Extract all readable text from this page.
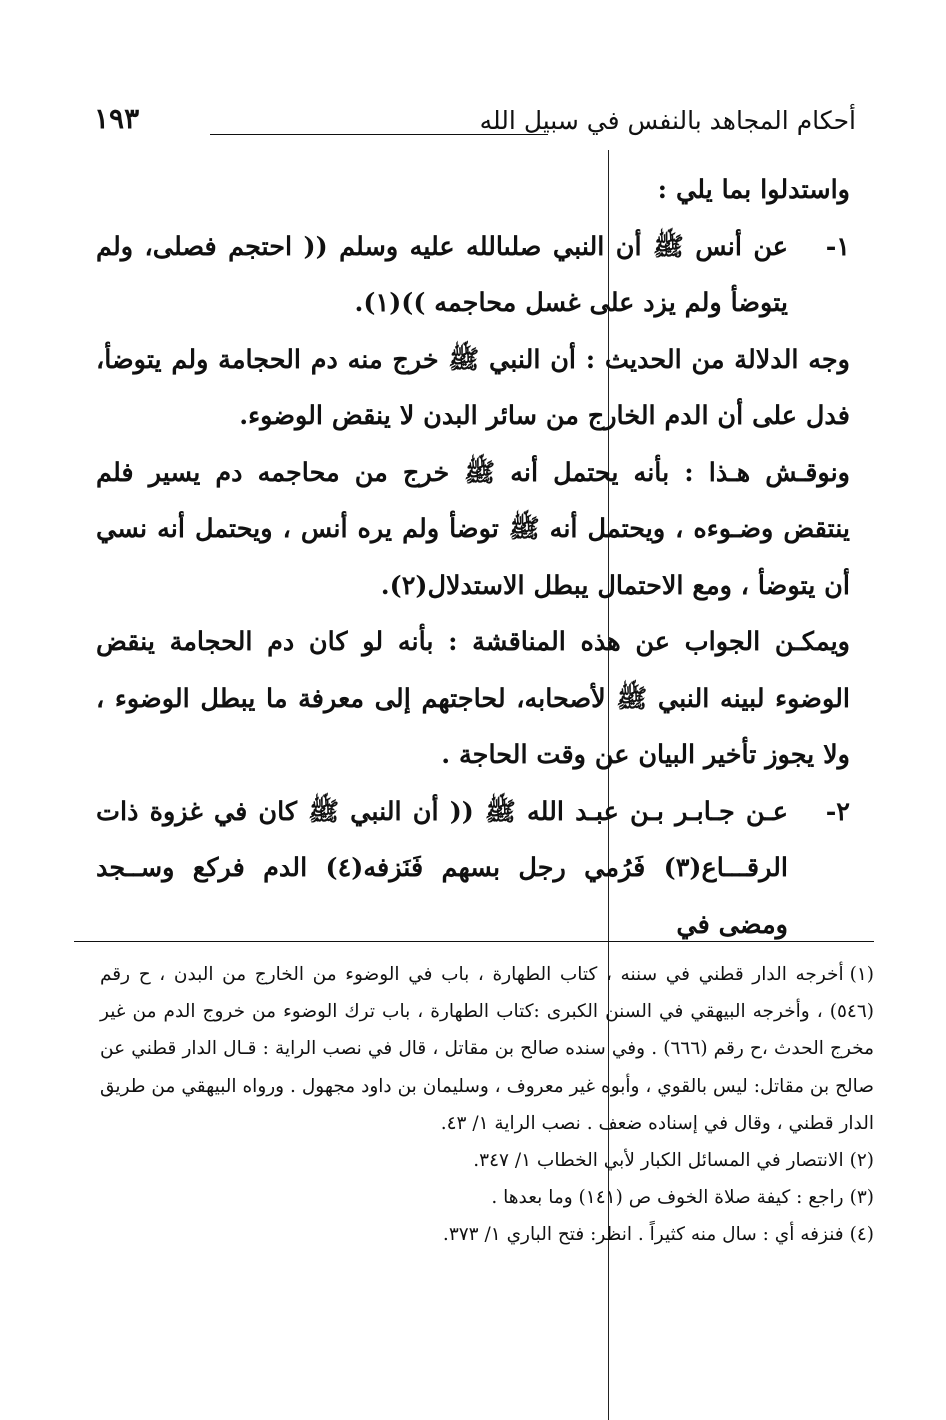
أحكام المجاهد بالنفس في سبيل الله
١٩٣

واستدلوا بما يلي :

١-

عن أنس ﷺ أن النبي صلىالله عليه وسلم (( احتجم فصلى، ولم يتوضأ ولم يزد على غسل محاجمه ))(١).

وجه الدلالة من الحديث : أن النبي ﷺ خرج منه دم الحجامة ولم يتوضأ، فدل على أن الدم الخارج من سائر البدن لا ينقض الوضوء.

ونوقـش هـذا : بأنه يحتمل أنه ﷺ خرج من محاجمه دم يسير فلم ينتقض وضـوءه ، ويحتمل أنه ﷺ توضأ ولم يره أنس ، ويحتمل أنه نسي أن يتوضأ ، ومع الاحتمال يبطل الاستدلال(٢).

ويمكـن الجواب عن هذه المناقشة : بأنه لو كان دم الحجامة ينقض الوضوء لبينه النبي ﷺ لأصحابه، لحاجتهم إلى معرفة ما يبطل الوضوء ، ولا يجوز تأخير البيان عن وقت الحاجة .

٢-

عـن جـابـر بـن عبـد الله ﷺ (( أن النبي ﷺ كان في غزوة ذات الرقـــاع(٣) فَرُمي رجل بسهم فَنَزفه(٤) الدم فركع وســجد ومضى في

(١)أخرجه الدار قطني في سننه ، كتاب الطهارة ، باب في الوضوء من الخارج من البدن ، ح رقم (٥٤٦) ، وأخرجه البيهقي في السنن الكبرى :كتاب الطهارة ، باب ترك الوضوء من خروج الدم من غير مخرج الحدث ،ح رقم (٦٦٦) . وفي سنده صالح بن مقاتل ، قال في نصب الراية : قـال الدار قطني عن صالح بن مقاتل: ليس بالقوي ، وأبوه غير معروف ، وسليمان بن داود مجهول . ورواه البيهقي من طريق الدار قطني ، وقال في إسناده ضعف . نصب الراية ١/ ٤٣.

(٢)الانتصار في المسائل الكبار لأبي الخطاب ١/ ٣٤٧.

(٣)راجع : كيفة صلاة الخوف ص (١٤١) وما بعدها .

(٤)فنزفه أي : سال منه كثيراً . انظر: فتح الباري ١/ ٣٧٣.
